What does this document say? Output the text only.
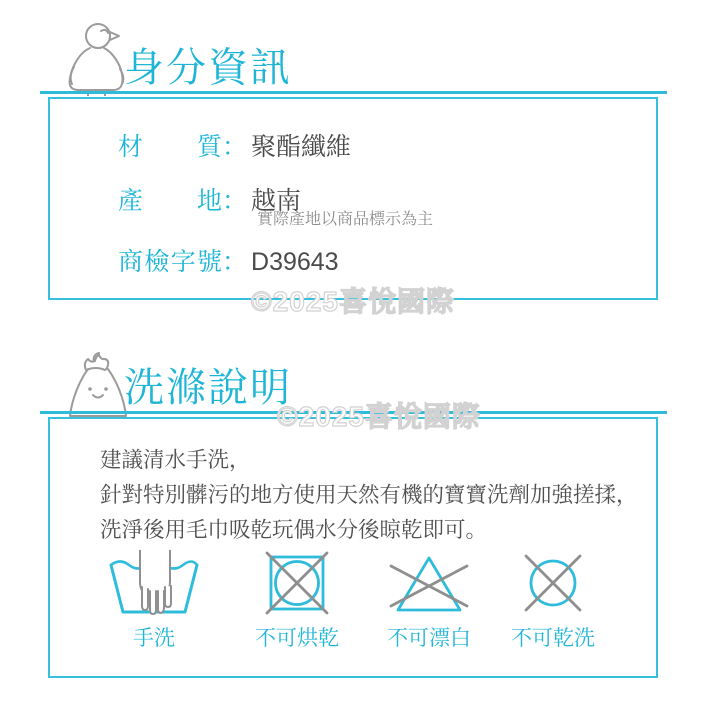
身分資訊
材質： 聚酯纖維
產地： 越南
實際產地以商品標示為主
商檢字號： D39643
©2025喜悅國際
洗滌說明
建議清水手洗，
針對特別髒污的地方使用天然有機的寶寶洗劑加強搓揉，
洗淨後用毛巾吸乾玩偶水分後晾乾即可。
手洗	不可烘乾 不可漂白 不可乾洗
©2025喜悅國際
